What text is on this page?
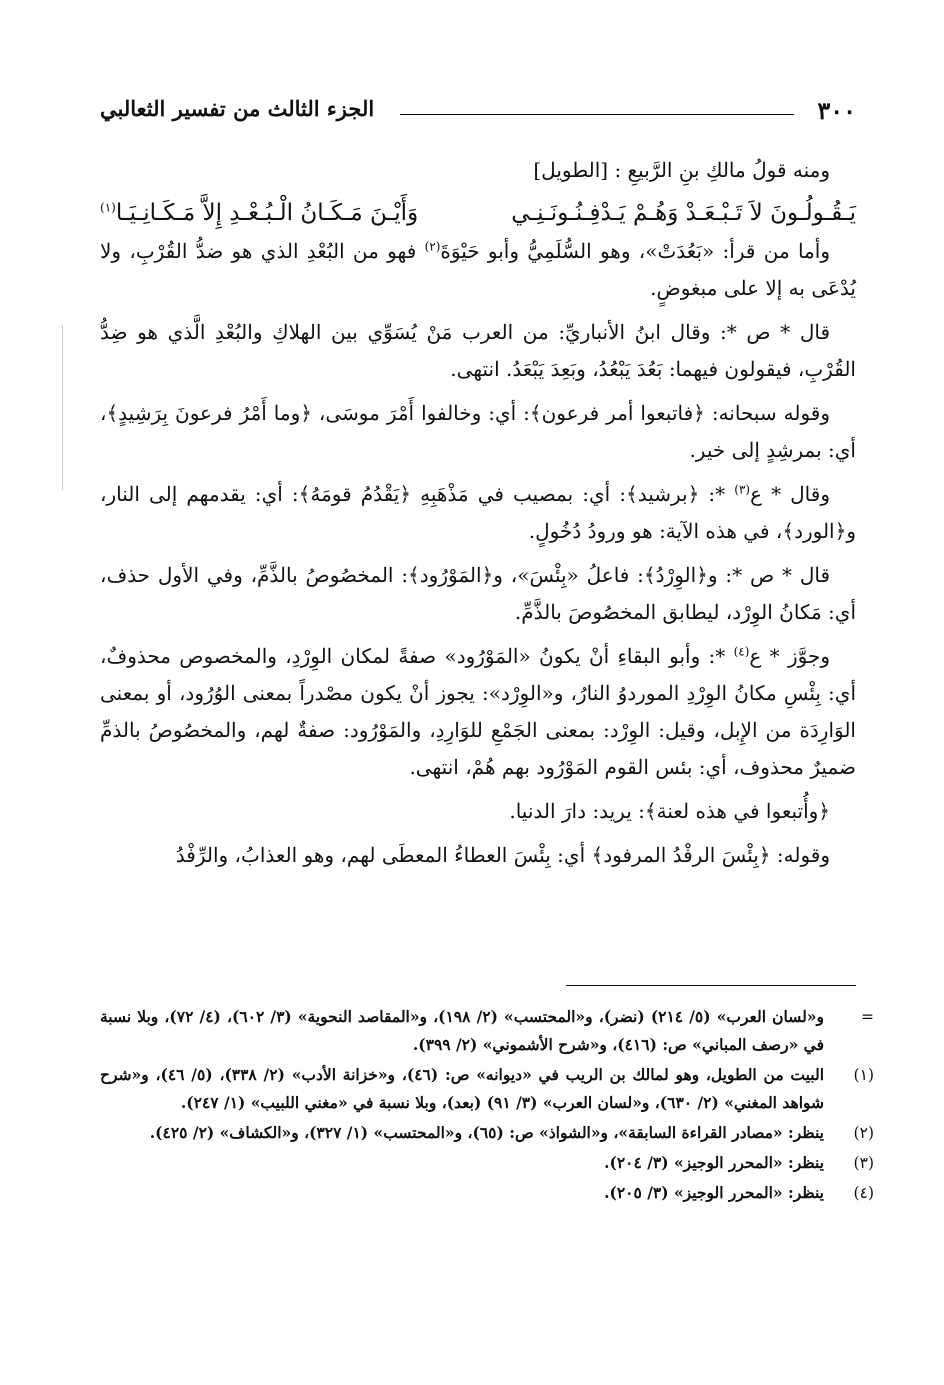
٣٠٠
الجزء الثالث من تفسير الثعالبي

ومنه قولُ مالكِ بنِ الرَّبيعِ : [الطويل]

يَـقُـولُـونَ لاَ تَـبْـعَـدْ وَهُـمْ يَـدْفِـنُـونَـنِـي
وَأَيْـنَ مَـكَـانُ الْـبُـعْـدِ إِلاَّ مَـكَـانِـيَـا$^{(١)}$

وأما من قرأ: «بَعُدَتْ»، وهو السُّلَمِيُّ وأبو حَيْوَةَ$^{(٢)}$ فهو من البُعْدِ الذي هو ضدُّ القُرْبِ، ولا يُدْعَى به إلا على مبغوضٍ.

قال * ص *: وقال ابنُ الأنباريِّ: من العرب مَنْ يُسَوِّي بين الهلاكِ والبُعْدِ الَّذي هو ضِدُّ القُرْبِ، فيقولون فيهما: بَعُدَ يَبْعُدُ، وبَعِدَ يَبْعَدُ. انتهى.

وقوله سبحانه: ﴿فاتبعوا أمر فرعون﴾: أي: وخالفوا أَمْرَ موسَى، ﴿وما أَمْرُ فرعونَ بِرَشِيدٍ﴾، أي: بمرشِدٍ إلى خير.

وقال * ع$^{(٣)}$ *: ﴿برشيد﴾: أي: بمصيب في مَذْهَبِهِ ﴿يَقْدُمُ قومَهُ﴾: أي: يقدمهم إلى النار، و﴿الورد﴾، في هذه الآية: هو ورودُ دُخُولٍ.

قال * ص *: و﴿الوِرْدُ﴾: فاعلُ «بِئْسَ»، و﴿المَوْرُود﴾: المخصُوصُ بالذَّمِّ، وفي الأول حذف، أي: مَكانُ الوِرْد، ليطابق المخصُوصَ بالذَّمِّ.

وجوَّز * ع$^{(٤)}$ *: وأبو البقاءِ أنْ يكونُ «المَوْرُود» صفةً لمكان الوِرْدِ، والمخصوص محذوفٌ، أي: بِئْسِ مكانُ الوِرْدِ الموردوُ النارُ، و«الوِرْد»: يجوز أنْ يكون مصْدراً بمعنى الوُرُود، أو بمعنى الوَارِدَة من الإِبل، وقيل: الوِرْد: بمعنى الجَمْعِ للوَارِدِ، والمَوْرُود: صفةٌ لهم، والمخصُوصُ بالذمِّ ضميرٌ محذوف، أي: بئس القوم المَوْرُود بهم هُمْ، انتهى.

﴿وأُتبعوا في هذه لعنة﴾: يريد: دارَ الدنيا.

وقوله: ﴿بِئْسَ الرفْدُ المرفود﴾ أي: بِئْسَ العطاءُ المعطَى لهم، وهو العذابُ، والرِّفْدُ

=
و«لسان العرب» (٥/ ٢١٤) (نضر)، و«المحتسب» (٢/ ١٩٨)، و«المقاصد النحوية» (٣/ ٦٠٢)، (٤/ ٧٢)، وبلا نسبة في «رصف المباني» ص: (٤١٦)، و«شرح الأشموني» (٢/ ٣٩٩).
(١)
البيت من الطويل، وهو لمالك بن الريب في «ديوانه» ص: (٤٦)، و«خزانة الأدب» (٢/ ٣٣٨)، (٥/ ٤٦)، و«شرح شواهد المغني» (٢/ ٦٣٠)، و«لسان العرب» (٣/ ٩١) (بعد)، وبلا نسبة في «مغني اللبيب» (١/ ٢٤٧).
(٢)
ينظر: «مصادر القراءة السابقة»، و«الشواذ» ص: (٦٥)، و«المحتسب» (١/ ٣٢٧)، و«الكشاف» (٢/ ٤٢٥).
(٣)
ينظر: «المحرر الوجيز» (٣/ ٢٠٤).
(٤)
ينظر: «المحرر الوجيز» (٣/ ٢٠٥).
